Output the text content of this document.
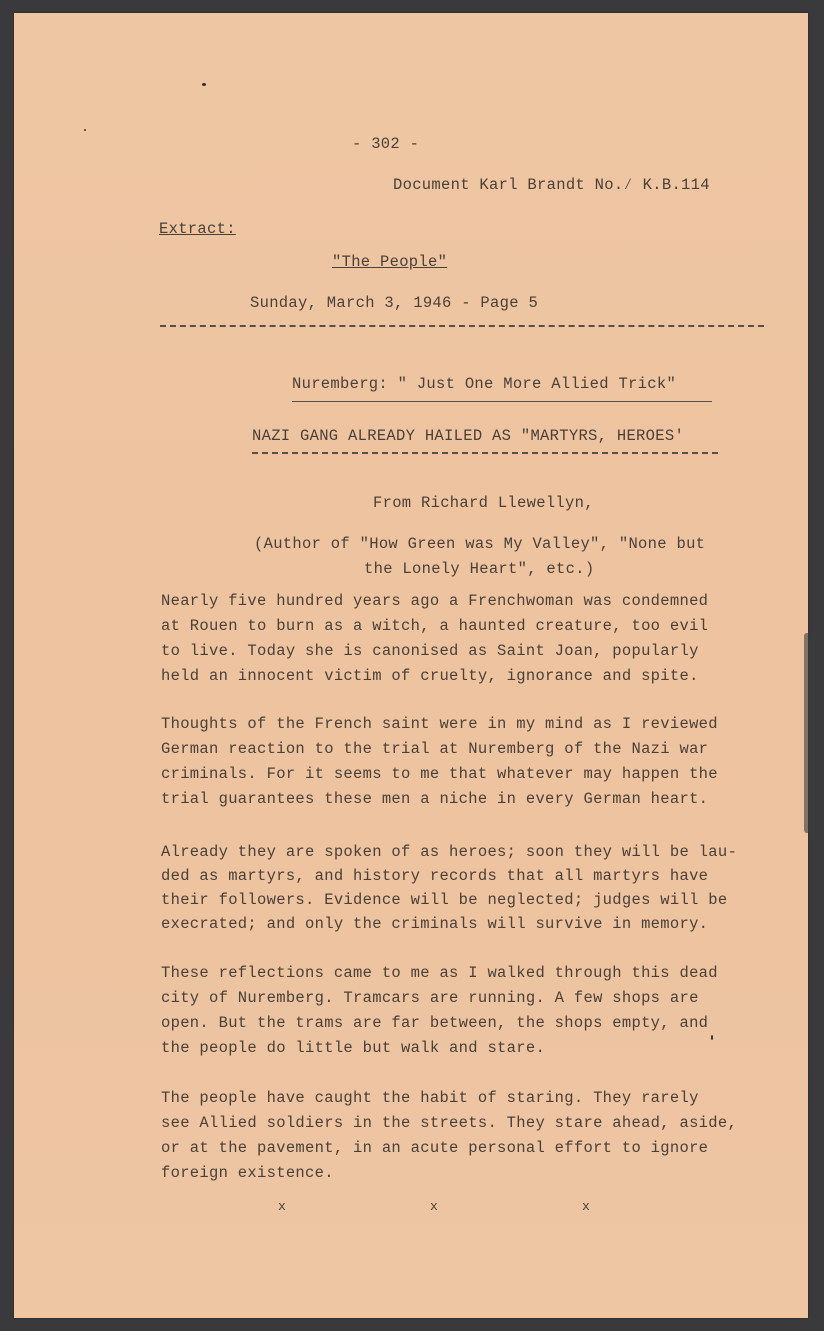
- 302 -
Document Karl Brandt No.⁄ K.B.114
Extract:
"The People"
Sunday, March 3, 1946 - Page 5
Nuremberg: " Just One More Allied Trick"
NAZI GANG ALREADY HAILED AS "MARTYRS, HEROES'
From Richard Llewellyn,
(Author of "How Green was My Valley", "None but
the Lonely Heart", etc.)
Nearly five hundred years ago a Frenchwoman was condemned
at Rouen to burn as a witch, a haunted creature, too evil
to live. Today she is canonised as Saint Joan, popularly
held an innocent victim of cruelty, ignorance and spite.
Thoughts of the French saint were in my mind as I reviewed
German reaction to the trial at Nuremberg of the Nazi war
criminals. For it seems to me that whatever may happen the
trial guarantees these men a niche in every German heart.
Already they are spoken of as heroes; soon they will be lau-
ded as martyrs, and history records that all martyrs have
their followers. Evidence will be neglected; judges will be
execrated; and only the criminals will survive in memory.
These reflections came to me as I walked through this dead
city of Nuremberg. Tramcars are running. A few shops are
open. But the trams are far between, the shops empty, and
the people do little but walk and stare.
The people have caught the habit of staring. They rarely
see Allied soldiers in the streets. They stare ahead, aside,
or at the pavement, in an acute personal effort to ignore
foreign existence.
x	x	x
